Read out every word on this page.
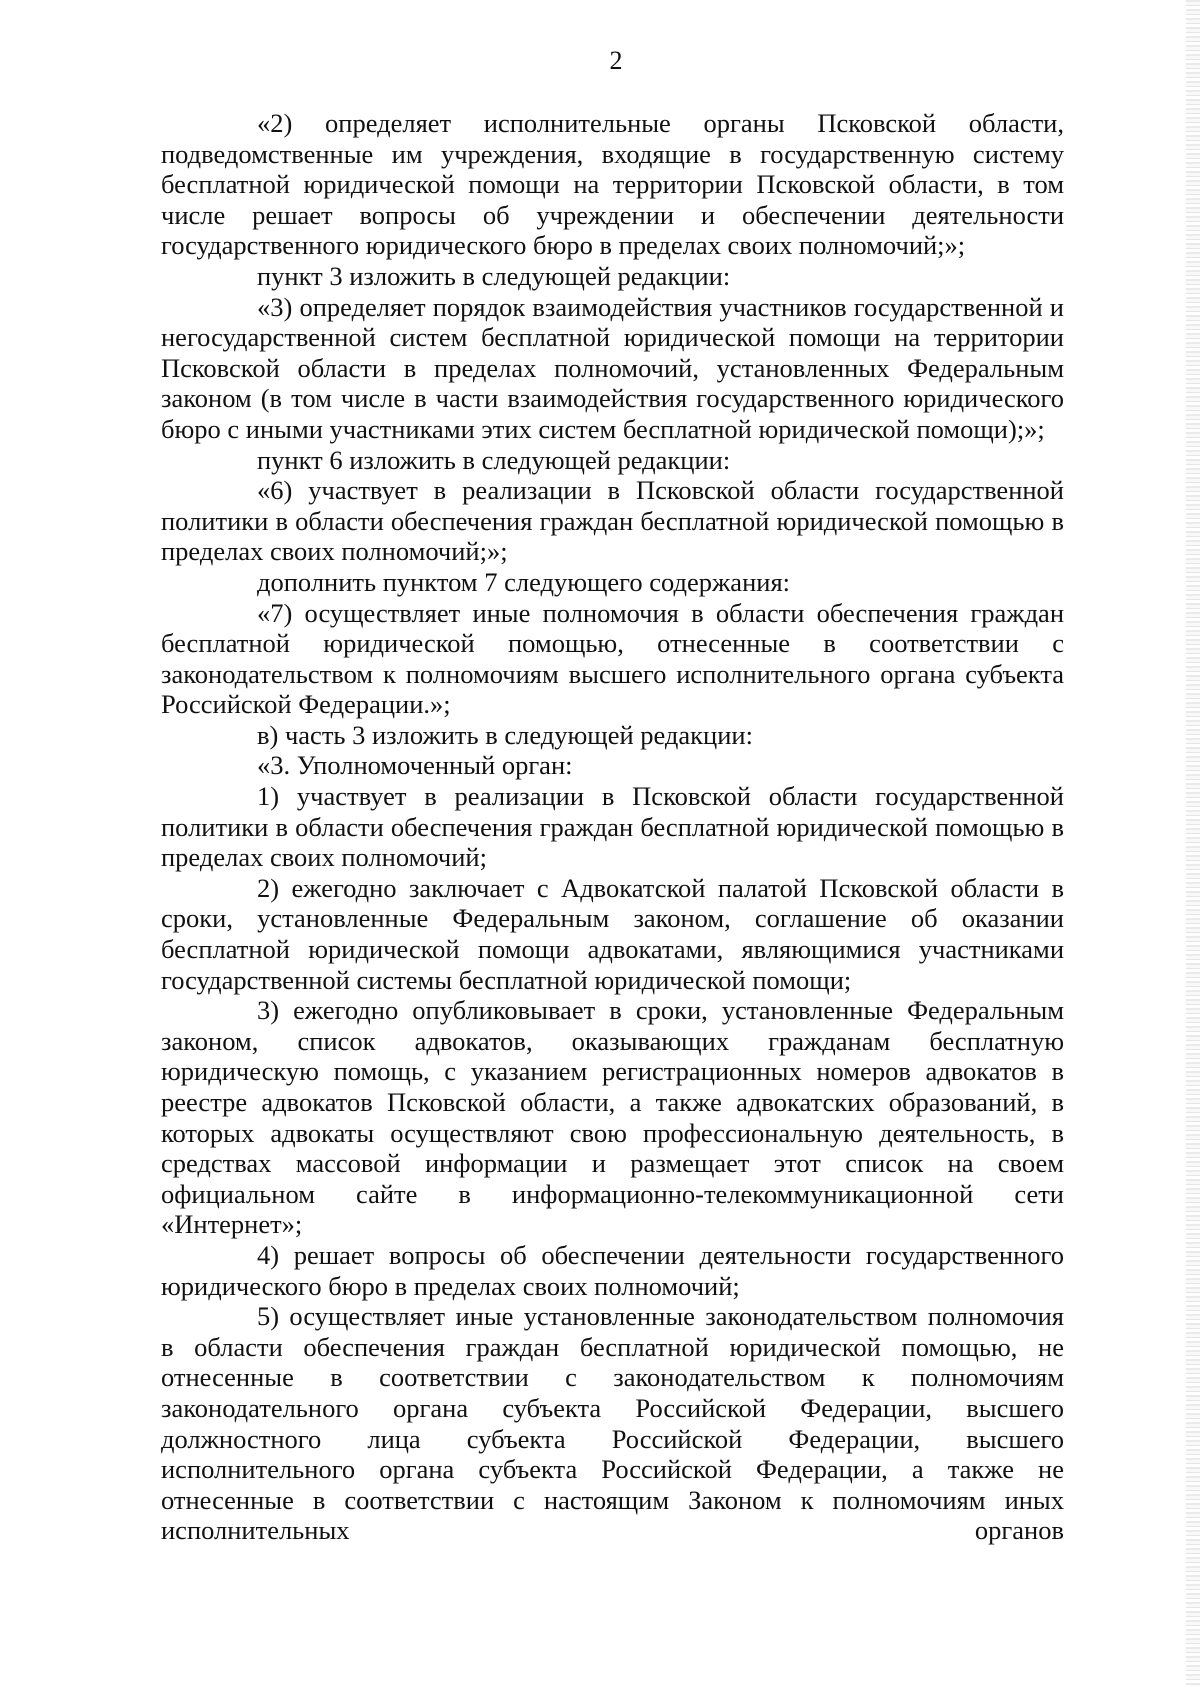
2

«2) определяет исполнительные органы Псковской области, подведомственные им учреждения, входящие в государственную систему бесплатной юридической помощи на территории Псковской области, в том числе решает вопросы об учреждении и обеспечении деятельности государственного юридического бюро в пределах своих полномочий;»;

пункт 3 изложить в следующей редакции:

«3) определяет порядок взаимодействия участников государственной и негосударственной систем бесплатной юридической помощи на территории Псковской области в пределах полномочий, установленных Федеральным законом (в том числе в части взаимодействия государственного юридического бюро с иными участниками этих систем бесплатной юридической помощи);»;

пункт 6 изложить в следующей редакции:

«6) участвует в реализации в Псковской области государственной политики в области обеспечения граждан бесплатной юридической помощью в пределах своих полномочий;»;

дополнить пунктом 7 следующего содержания:

«7) осуществляет иные полномочия в области обеспечения граждан бесплатной юридической помощью, отнесенные в соответствии с законодательством к полномочиям высшего исполнительного органа субъекта Российской Федерации.»;

в) часть 3 изложить в следующей редакции:

«3. Уполномоченный орган:

1) участвует в реализации в Псковской области государственной политики в области обеспечения граждан бесплатной юридической помощью в пределах своих полномочий;

2) ежегодно заключает с Адвокатской палатой Псковской области в сроки, установленные Федеральным законом, соглашение об оказании бесплатной юридической помощи адвокатами, являющимися участниками государственной системы бесплатной юридической помощи;

3) ежегодно опубликовывает в сроки, установленные Федеральным законом, список адвокатов, оказывающих гражданам бесплатную юридическую помощь, с указанием регистрационных номеров адвокатов в реестре адвокатов Псковской области, а также адвокатских образований, в которых адвокаты осуществляют свою профессиональную деятельность, в средствах массовой информации и размещает этот список на своем официальном сайте в информационно-телекоммуникационной сети «Интернет»;

4) решает вопросы об обеспечении деятельности государственного юридического бюро в пределах своих полномочий;

5) осуществляет иные установленные законодательством полномочия в области обеспечения граждан бесплатной юридической помощью, не отнесенные в соответствии с законодательством к полномочиям законодательного органа субъекта Российской Федерации, высшего должностного лица субъекта Российской Федерации, высшего исполнительного органа субъекта Российской Федерации, а также не отнесенные в соответствии с настоящим Законом к полномочиям иных исполнительных органов
